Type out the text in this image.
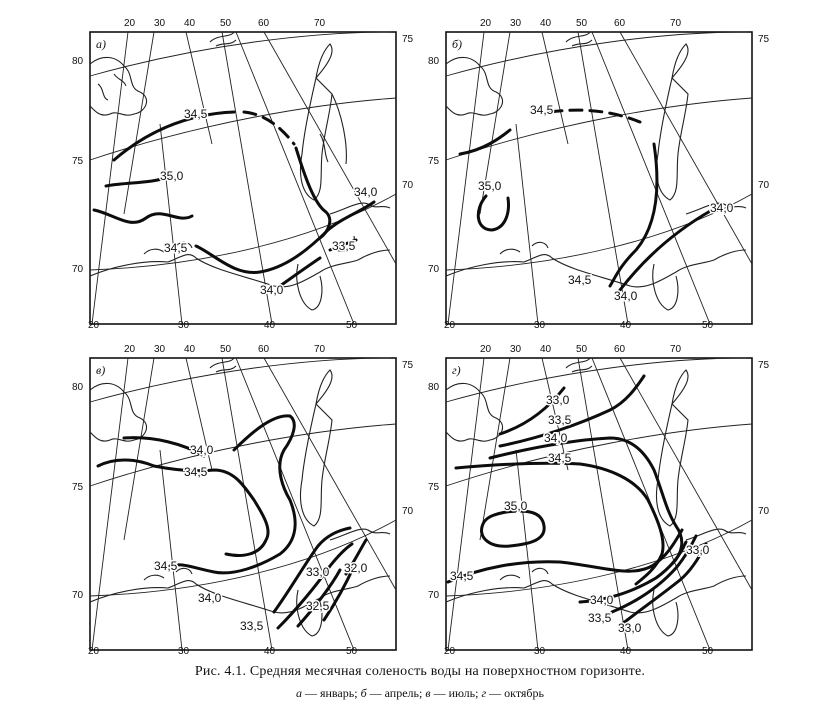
20 30 40 50	60	70
20	30	40	50
80
75
70
75
70
а)
34,5
35,0
34,5
34,0
33,5
34,0
20 30 40 50	60	70
20	30	40	50
80
75
70
75
70
б)
34,5
35,0
34,0
34,5
34,0
20 30 40 50	60	70
20	30	40	50
80
75
70
75
70
в)
34,0
34,5
34,5
34,0
33,0 32,0
32,5
33,5
20 30 40 50	60	70
20	30	40	50
80
75
70
75
70
г)
33,0
33,5
34,0
34,5
35,0
33,0
34,5
34,0
33,5
33,0
Рис. 4.1. Средняя месячная соленость воды на поверхностном горизонте.
а — январь; б — апрель; в — июль; г — октябрь
